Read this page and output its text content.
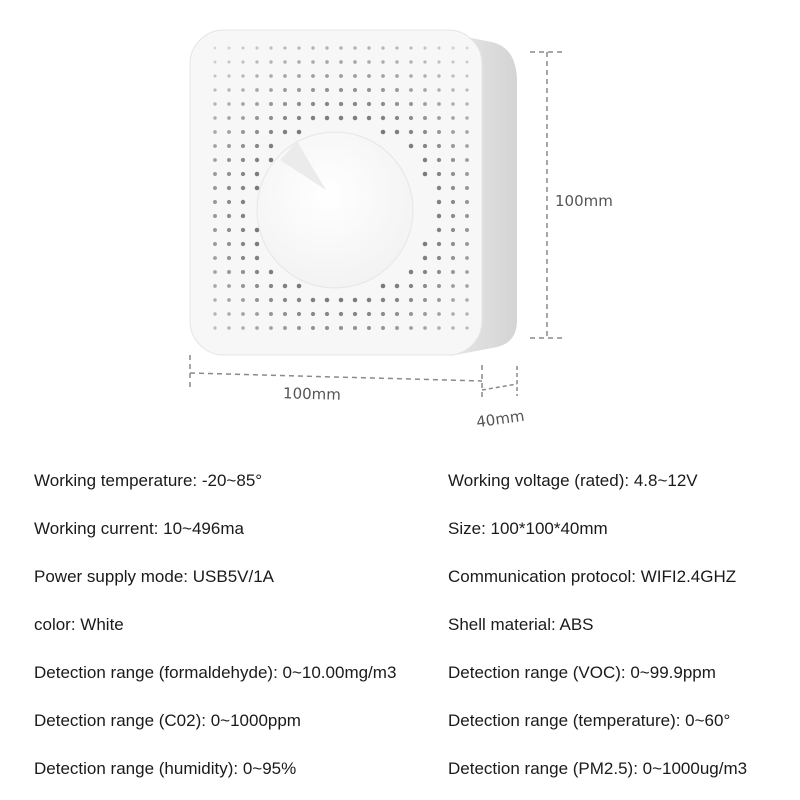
100mm
100mm
40mm
Working temperature: -20~85°
Working current: 10~496ma
Power supply mode: USB5V/1A
color: White
Detection range (formaldehyde): 0~10.00mg/m3
Detection range (C02): 0~1000ppm
Detection range (humidity): 0~95%
Working voltage (rated): 4.8~12V
Size: 100*100*40mm
Communication protocol: WIFI2.4GHZ
Shell material: ABS
Detection range (VOC): 0~99.9ppm
Detection range (temperature): 0~60°
Detection range (PM2.5): 0~1000ug/m3
